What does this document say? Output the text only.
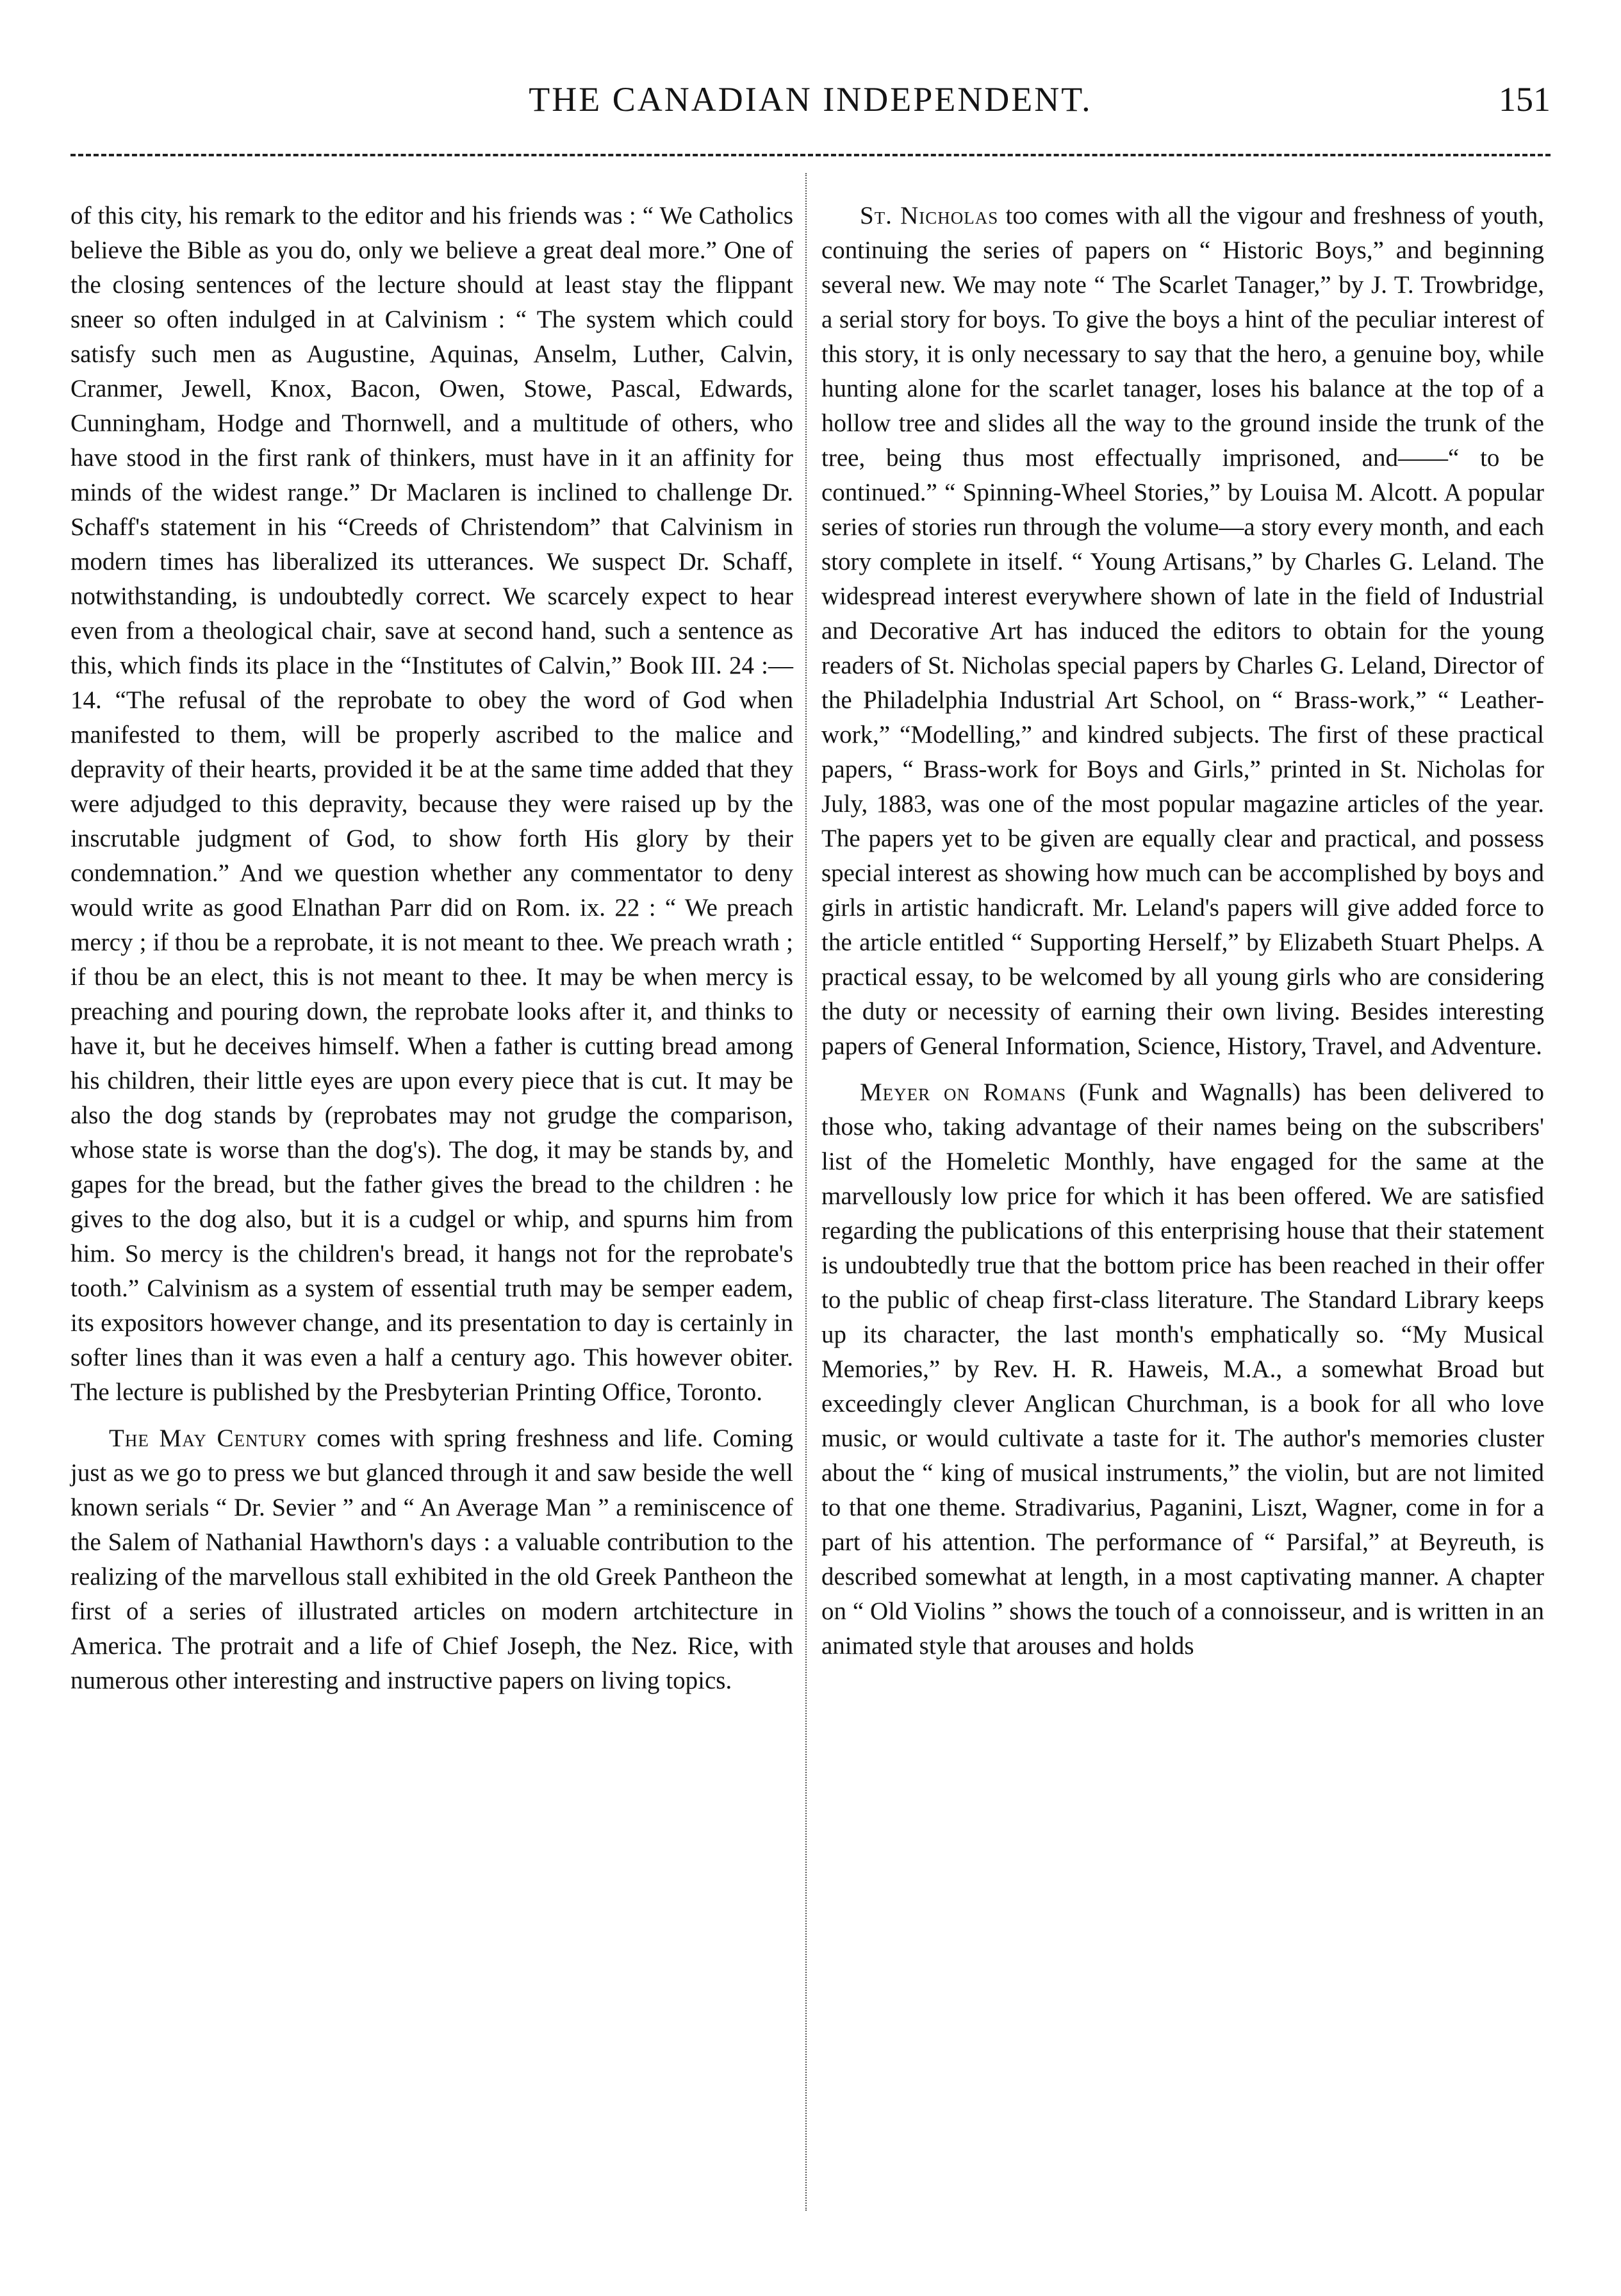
THE CANADIAN INDEPENDENT.	151

of this city, his remark to the editor and his friends was : “ We Catholics believe the Bible as you do, only we believe a great deal more.” One of the closing sentences of the lecture should at least stay the flippant sneer so often indulged in at Calvinism : “ The system which could satisfy such men as Augustine, Aquinas, Anselm, Luther, Calvin, Cranmer, Jewell, Knox, Bacon, Owen, Stowe, Pascal, Edwards, Cunningham, Hodge and Thornwell, and a multitude of others, who have stood in the first rank of thinkers, must have in it an affinity for minds of the widest range.” Dr Maclaren is inclined to challenge Dr. Schaff's statement in his “Creeds of Christendom” that Calvinism in modern times has liberalized its utterances. We suspect Dr. Schaff, notwithstanding, is undoubtedly correct. We scarcely expect to hear even from a theological chair, save at second hand, such a sentence as this, which finds its place in the “Institutes of Calvin,” Book III. 24 :—14. “The refusal of the reprobate to obey the word of God when manifested to them, will be properly ascribed to the malice and depravity of their hearts, provided it be at the same time added that they were adjudged to this depravity, because they were raised up by the inscrutable judgment of God, to show forth His glory by their condemnation.” And we question whether any commentator to deny would write as good Elnathan Parr did on Rom. ix. 22 : “ We preach mercy ; if thou be a reprobate, it is not meant to thee. We preach wrath ; if thou be an elect, this is not meant to thee. It may be when mercy is preaching and pouring down, the reprobate looks after it, and thinks to have it, but he deceives himself. When a father is cutting bread among his children, their little eyes are upon every piece that is cut. It may be also the dog stands by (reprobates may not grudge the comparison, whose state is worse than the dog's). The dog, it may be stands by, and gapes for the bread, but the father gives the bread to the children : he gives to the dog also, but it is a cudgel or whip, and spurns him from him. So mercy is the children's bread, it hangs not for the reprobate's tooth.” Calvinism as a system of essential truth may be semper eadem, its expositors however change, and its presentation to day is certainly in softer lines than it was even a half a century ago. This however obiter. The lecture is published by the Presbyterian Printing Office, Toronto.

The May Century comes with spring freshness and life. Coming just as we go to press we but glanced through it and saw beside the well known serials “ Dr. Sevier ” and “ An Average Man ” a reminiscence of the Salem of Nathanial Hawthorn's days : a valuable contribution to the realizing of the marvellous stall exhibited in the old Greek Pantheon the first of a series of illustrated articles on modern artchitecture in America. The protrait and a life of Chief Joseph, the Nez. Rice, with numerous other interesting and instructive papers on living topics.

St. Nicholas too comes with all the vigour and freshness of youth, continuing the series of papers on “ Historic Boys,” and beginning several new. We may note “ The Scarlet Tanager,” by J. T. Trowbridge, a serial story for boys. To give the boys a hint of the peculiar interest of this story, it is only necessary to say that the hero, a genuine boy, while hunting alone for the scarlet tanager, loses his balance at the top of a hollow tree and slides all the way to the ground inside the trunk of the tree, being thus most effectually imprisoned, and——“ to be continued.” “ Spinning-Wheel Stories,” by Louisa M. Alcott. A popular series of stories run through the volume—a story every month, and each story complete in itself. “ Young Artisans,” by Charles G. Leland. The widespread interest everywhere shown of late in the field of Industrial and Decorative Art has induced the editors to obtain for the young readers of St. Nicholas special papers by Charles G. Leland, Director of the Philadelphia Industrial Art School, on “ Brass-work,” “ Leather-work,” “Modelling,” and kindred subjects. The first of these practical papers, “ Brass-work for Boys and Girls,” printed in St. Nicholas for July, 1883, was one of the most popular magazine articles of the year. The papers yet to be given are equally clear and practical, and possess special interest as showing how much can be accomplished by boys and girls in artistic handicraft. Mr. Leland's papers will give added force to the article entitled “ Supporting Herself,” by Elizabeth Stuart Phelps. A practical essay, to be welcomed by all young girls who are considering the duty or necessity of earning their own living. Besides interesting papers of General Information, Science, History, Travel, and Adventure.

Meyer on Romans (Funk and Wagnalls) has been delivered to those who, taking advantage of their names being on the subscribers' list of the Homeletic Monthly, have engaged for the same at the marvellously low price for which it has been offered. We are satisfied regarding the publications of this enterprising house that their statement is undoubtedly true that the bottom price has been reached in their offer to the public of cheap first-class literature. The Standard Library keeps up its character, the last month's emphatically so. “My Musical Memories,” by Rev. H. R. Haweis, M.A., a somewhat Broad but exceedingly clever Anglican Churchman, is a book for all who love music, or would cultivate a taste for it. The author's memories cluster about the “ king of musical instruments,” the violin, but are not limited to that one theme. Stradivarius, Paganini, Liszt, Wagner, come in for a part of his attention. The performance of “ Parsifal,” at Beyreuth, is described somewhat at length, in a most captivating manner. A chapter on “ Old Violins ” shows the touch of a connoisseur, and is written in an animated style that arouses and holds
